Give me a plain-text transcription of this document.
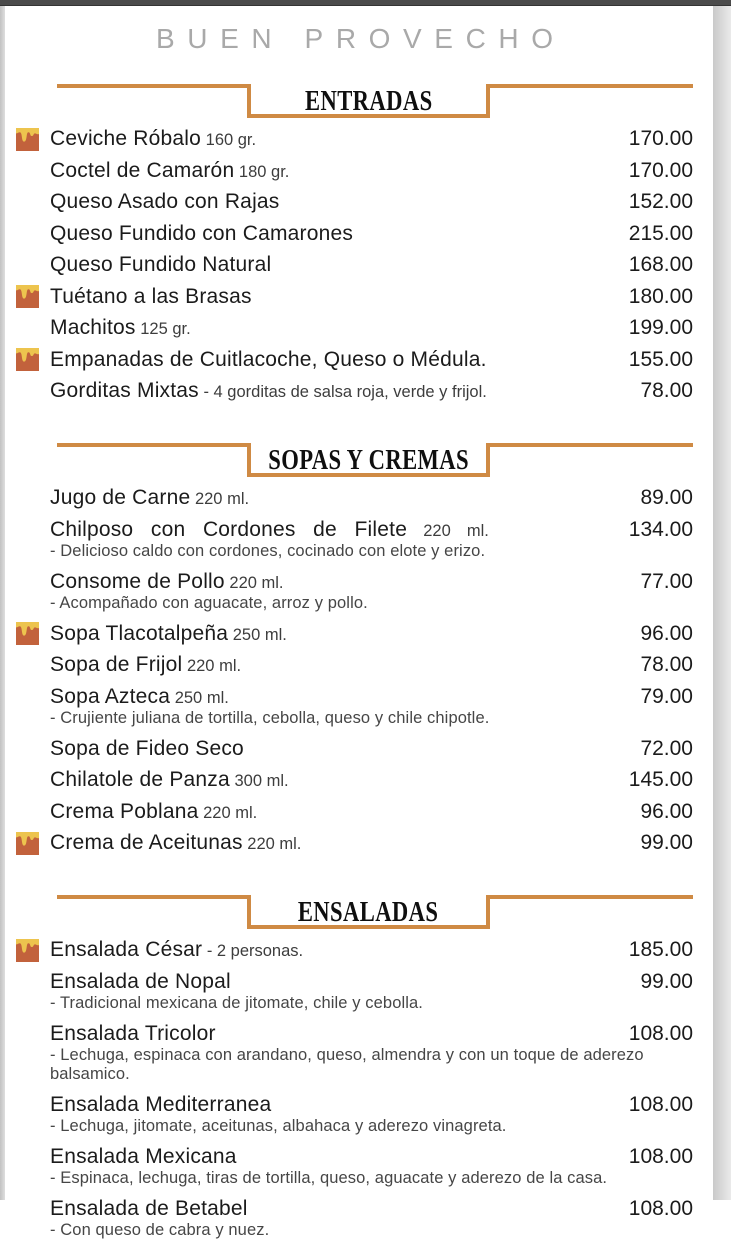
BUEN PROVECHO
ENTRADAS
Ceviche Róbalo 160 gr.	170.00
Coctel de Camarón 180 gr.	170.00
Queso Asado con Rajas	152.00
Queso Fundido con Camarones	215.00
Queso Fundido Natural	168.00
Tuétano a las Brasas	180.00
Machitos 125 gr.	199.00
Empanadas de Cuitlacoche, Queso o Médula.	155.00
Gorditas Mixtas - 4 gorditas de salsa roja, verde y frijol.	78.00
SOPAS Y CREMAS
Jugo de Carne 220 ml.	89.00
Chilposo con Cordones de Filete 220 ml.	134.00
- Delicioso caldo con cordones, cocinado con elote y erizo.
Consome de Pollo 220 ml.	77.00
- Acompañado con aguacate, arroz y pollo.
Sopa Tlacotalpeña 250 ml.	96.00
Sopa de Frijol 220 ml.	78.00
Sopa Azteca 250 ml.	79.00
- Crujiente juliana de tortilla, cebolla, queso y chile chipotle.
Sopa de Fideo Seco	72.00
Chilatole de Panza 300 ml.	145.00
Crema Poblana 220 ml.	96.00
Crema de Aceitunas 220 ml.	99.00
ENSALADAS
Ensalada César - 2 personas.	185.00
Ensalada de Nopal	99.00
- Tradicional mexicana de jitomate, chile y cebolla.
Ensalada Tricolor	108.00
- Lechuga, espinaca con arandano, queso, almendra y con un toque de aderezo balsamico.
Ensalada Mediterranea	108.00
- Lechuga, jitomate, aceitunas, albahaca y aderezo vinagreta.
Ensalada Mexicana	108.00
- Espinaca, lechuga, tiras de tortilla, queso, aguacate y aderezo de la casa.
Ensalada de Betabel	108.00
- Con queso de cabra y nuez.
